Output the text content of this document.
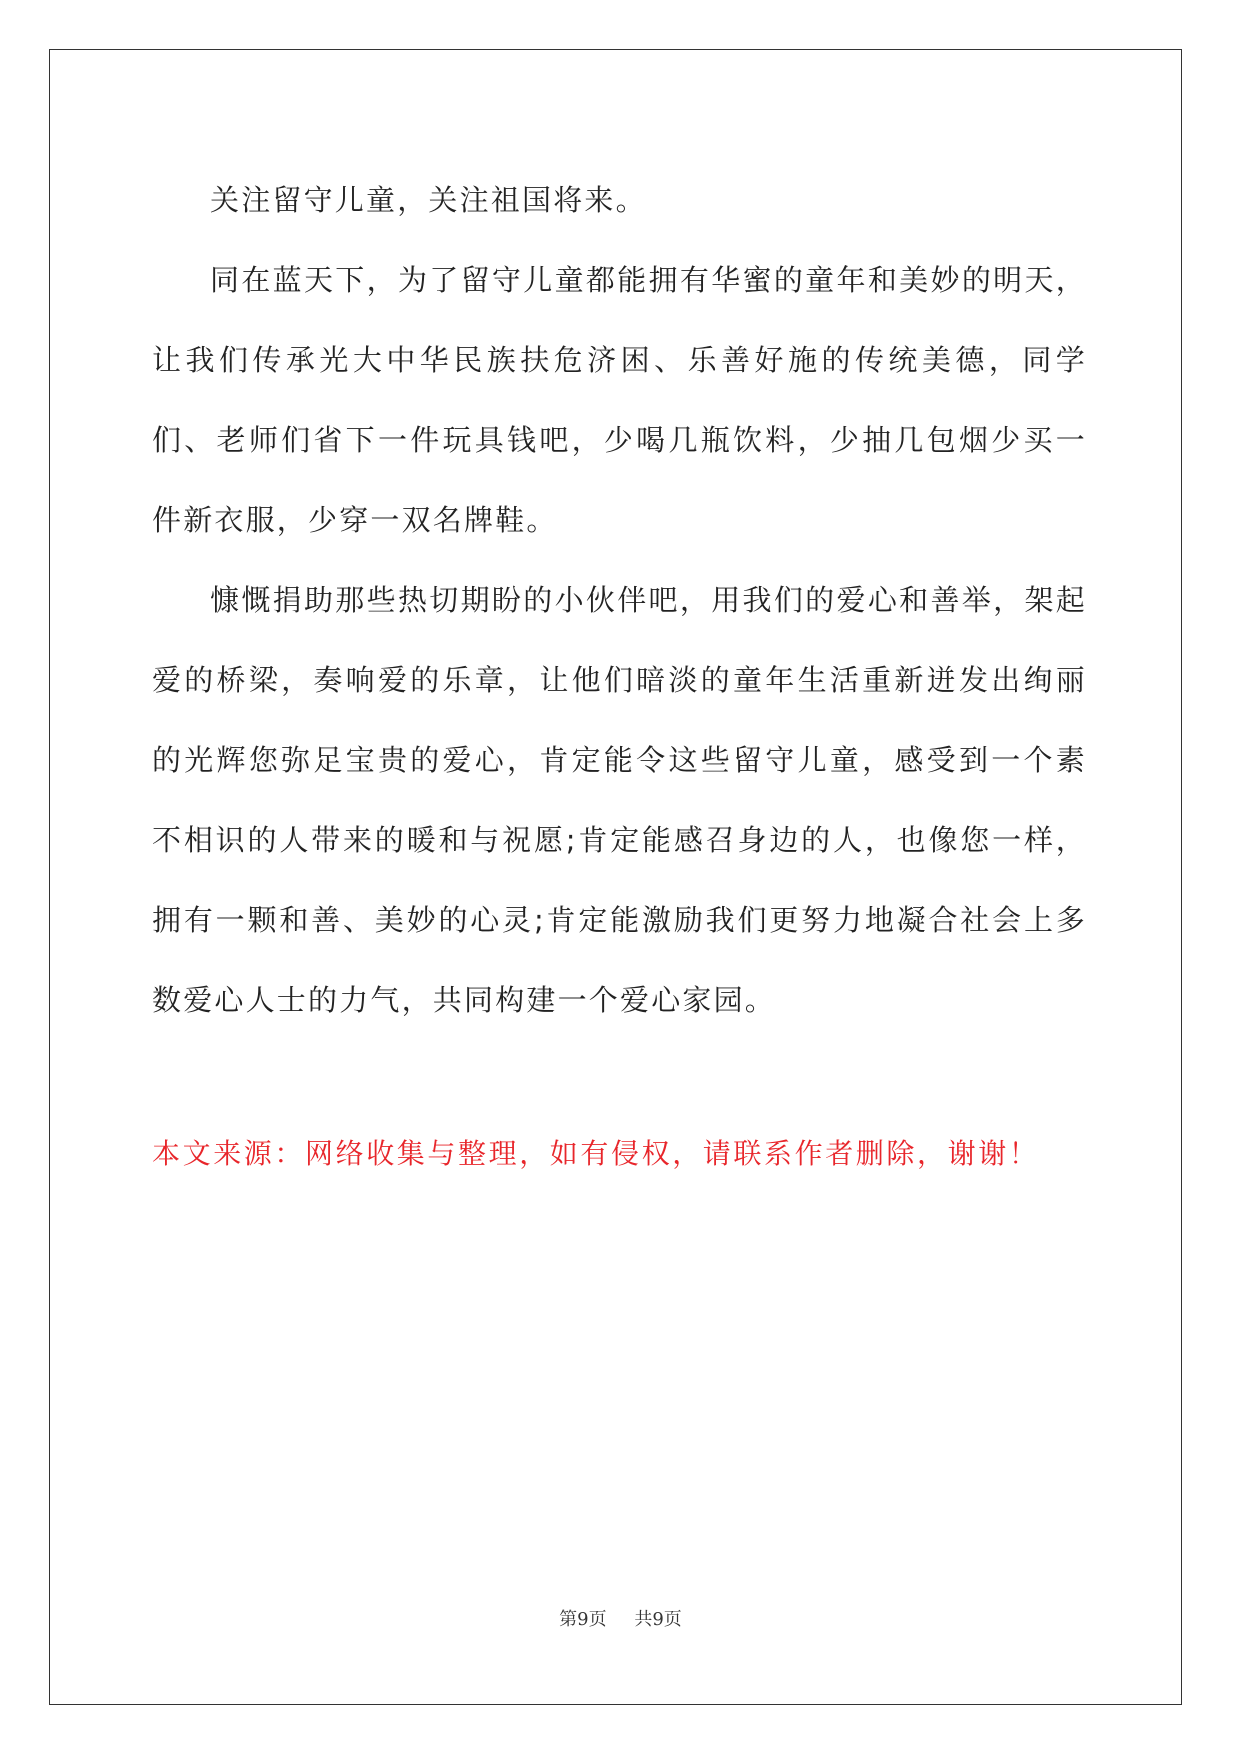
关注留守儿童，关注祖国将来。

同在蓝天下，为了留守儿童都能拥有华蜜的童年和美妙的明天，让我们传承光大中华民族扶危济困、乐善好施的传统美德，同学们、老师们省下一件玩具钱吧，少喝几瓶饮料，少抽几包烟少买一件新衣服，少穿一双名牌鞋。

慷慨捐助那些热切期盼的小伙伴吧，用我们的爱心和善举，架起爱的桥梁，奏响爱的乐章，让他们暗淡的童年生活重新迸发出绚丽的光辉您弥足宝贵的爱心，肯定能令这些留守儿童，感受到一个素不相识的人带来的暖和与祝愿;肯定能感召身边的人，也像您一样，拥有一颗和善、美妙的心灵;肯定能激励我们更努力地凝合社会上多数爱心人士的力气，共同构建一个爱心家园。

本文来源：网络收集与整理，如有侵权，请联系作者删除，谢谢！

第9页 共9页
